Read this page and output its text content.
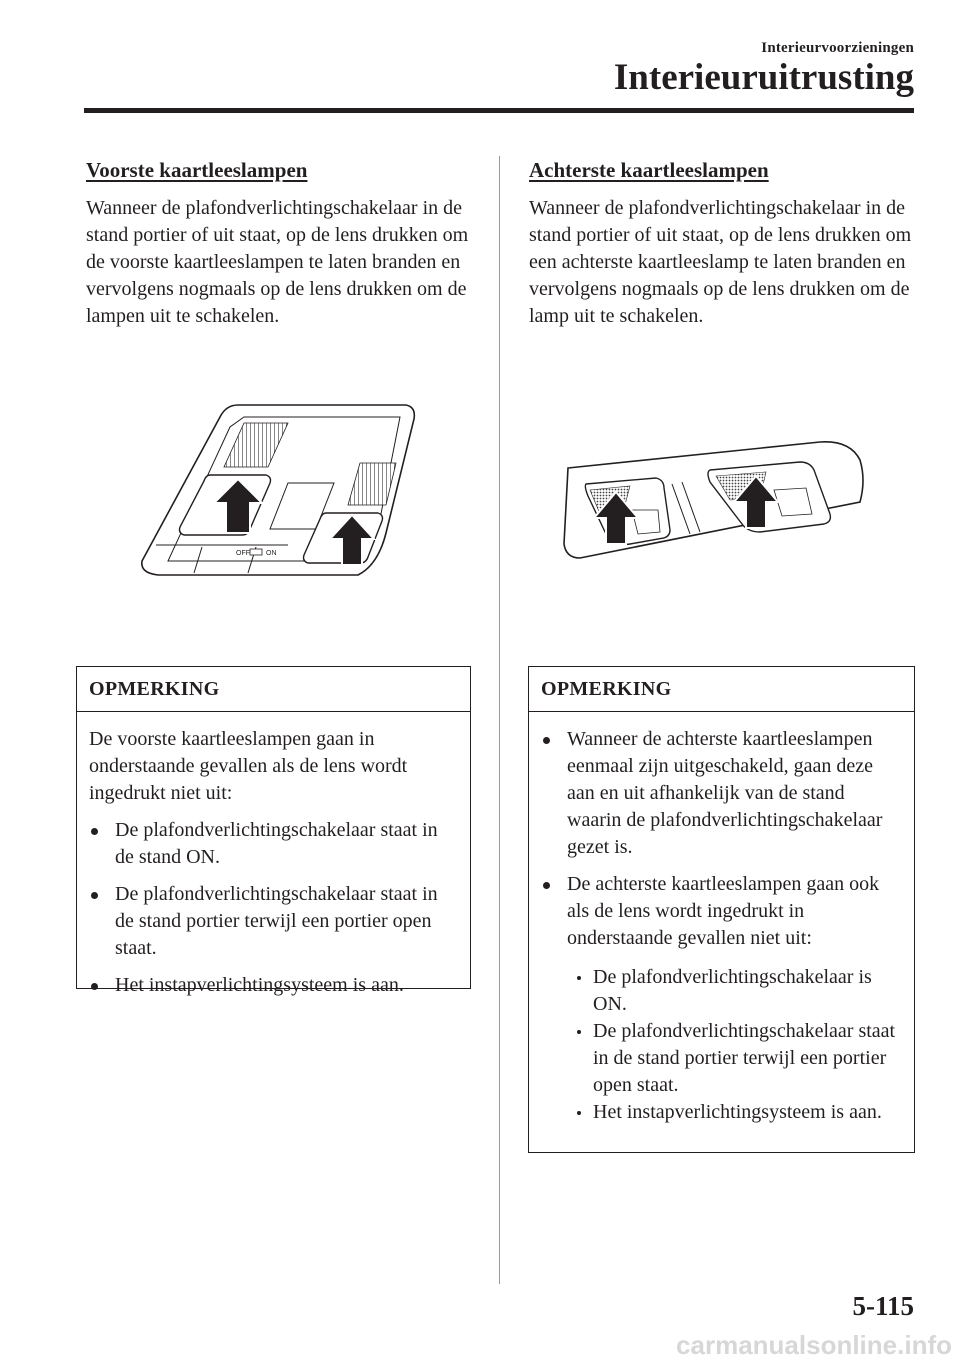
Interieurvoorzieningen
Interieuruitrusting
Voorste kaartleeslampen

Wanneer de plafondverlichtingschakelaar in de stand portier of uit staat, op de lens drukken om de voorste kaartleeslampen te laten branden en vervolgens nogmaals op de lens drukken om de lampen uit te schakelen.

OFF ON
OPMERKING

De voorste kaartleeslampen gaan in onderstaande gevallen als de lens wordt ingedrukt niet uit:

De plafondverlichtingschakelaar staat in de stand ON.
De plafondverlichtingschakelaar staat in de stand portier terwijl een portier open staat.
Het instapverlichtingsysteem is aan.
Achterste kaartleeslampen

Wanneer de plafondverlichtingschakelaar in de stand portier of uit staat, op de lens drukken om een achterste kaartleeslamp te laten branden en vervolgens nogmaals op de lens drukken om de lamp uit te schakelen.

OPMERKING
Wanneer de achterste kaartleeslampen eenmaal zijn uitgeschakeld, gaan deze aan en uit afhankelijk van de stand waarin de plafondverlichtingschakelaar gezet is.
De achterste kaartleeslampen gaan ook als de lens wordt ingedrukt in onderstaande gevallen niet uit:
De plafondverlichtingschakelaar is ON.
De plafondverlichtingschakelaar staat in de stand portier terwijl een portier open staat.
Het instapverlichtingsysteem is aan.
5-115
carmanualsonline.info
